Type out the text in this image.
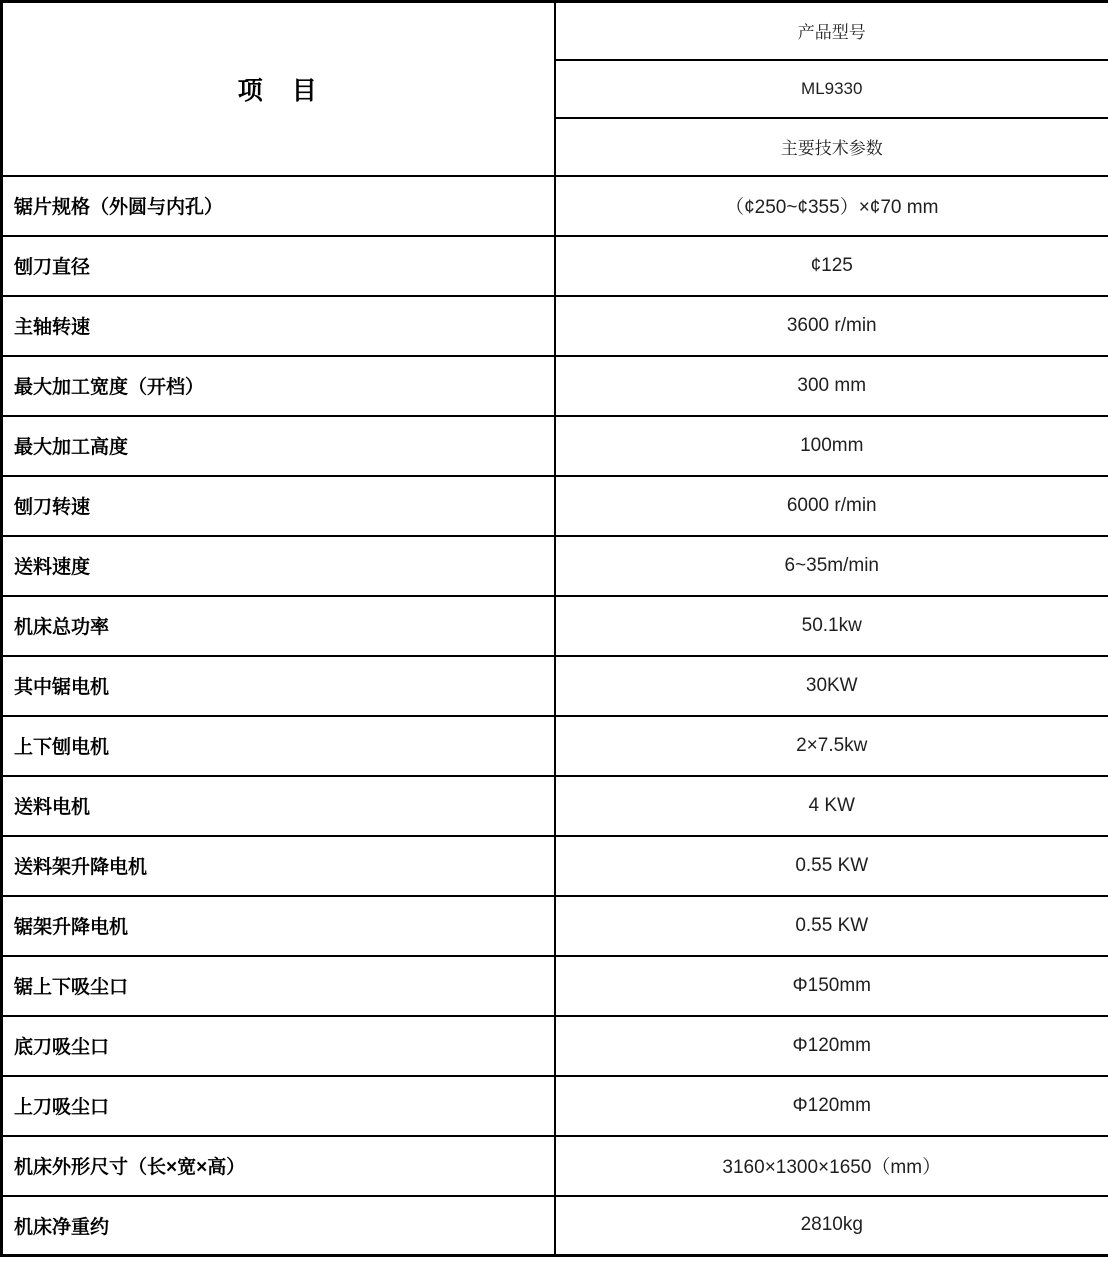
项　目	产品型号
	ML9330
	主要技术参数
锯片规格（外圆与内孔）	（¢250~¢355）×¢70 mm
刨刀直径	¢125
主轴转速	3600 r/min
最大加工宽度（开档）	300 mm
最大加工高度	100mm
刨刀转速	6000 r/min
送料速度	6~35m/min
机床总功率	50.1kw
其中锯电机	30KW
上下刨电机	2×7.5kw
送料电机	4 KW
送料架升降电机	0.55 KW
锯架升降电机	0.55 KW
锯上下吸尘口	Φ150mm
底刀吸尘口	Φ120mm
上刀吸尘口	Φ120mm
机床外形尺寸（长×宽×高）	3160×1300×1650（mm）
机床净重约	2810kg
